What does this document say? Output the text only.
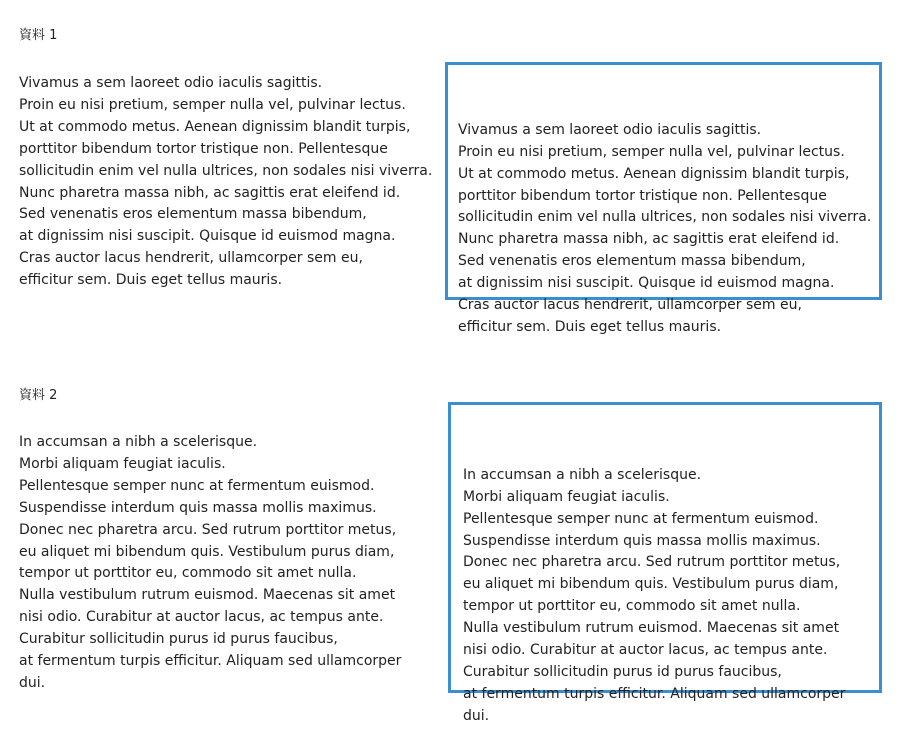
資料 1

Vivamus a sem laoreet odio iaculis sagittis.
Proin eu nisi pretium, semper nulla vel, pulvinar lectus.
Ut at commodo metus. Aenean dignissim blandit turpis,
porttitor bibendum tortor tristique non. Pellentesque
sollicitudin enim vel nulla ultrices, non sodales nisi viverra.
Nunc pharetra massa nibh, ac sagittis erat eleifend id.
Sed venenatis eros elementum massa bibendum,
at dignissim nisi suscipit. Quisque id euismod magna.
Cras auctor lacus hendrerit, ullamcorper sem eu,
efficitur sem. Duis eget tellus mauris.

Vivamus a sem laoreet odio iaculis sagittis.
Proin eu nisi pretium, semper nulla vel, pulvinar lectus.
Ut at commodo metus. Aenean dignissim blandit turpis,
porttitor bibendum tortor tristique non. Pellentesque
sollicitudin enim vel nulla ultrices, non sodales nisi viverra.
Nunc pharetra massa nibh, ac sagittis erat eleifend id.
Sed venenatis eros elementum massa bibendum,
at dignissim nisi suscipit. Quisque id euismod magna.
Cras auctor lacus hendrerit, ullamcorper sem eu,
efficitur sem. Duis eget tellus mauris.

資料 2

In accumsan a nibh a scelerisque.
Morbi aliquam feugiat iaculis.
Pellentesque semper nunc at fermentum euismod.
Suspendisse interdum quis massa mollis maximus.
Donec nec pharetra arcu. Sed rutrum porttitor metus,
eu aliquet mi bibendum quis. Vestibulum purus diam,
tempor ut porttitor eu, commodo sit amet nulla.
Nulla vestibulum rutrum euismod. Maecenas sit amet
nisi odio. Curabitur at auctor lacus, ac tempus ante.
Curabitur sollicitudin purus id purus faucibus,
at fermentum turpis efficitur. Aliquam sed ullamcorper
dui.

In accumsan a nibh a scelerisque.
Morbi aliquam feugiat iaculis.
Pellentesque semper nunc at fermentum euismod.
Suspendisse interdum quis massa mollis maximus.
Donec nec pharetra arcu. Sed rutrum porttitor metus,
eu aliquet mi bibendum quis. Vestibulum purus diam,
tempor ut porttitor eu, commodo sit amet nulla.
Nulla vestibulum rutrum euismod. Maecenas sit amet
nisi odio. Curabitur at auctor lacus, ac tempus ante.
Curabitur sollicitudin purus id purus faucibus,
at fermentum turpis efficitur. Aliquam sed ullamcorper
dui.
